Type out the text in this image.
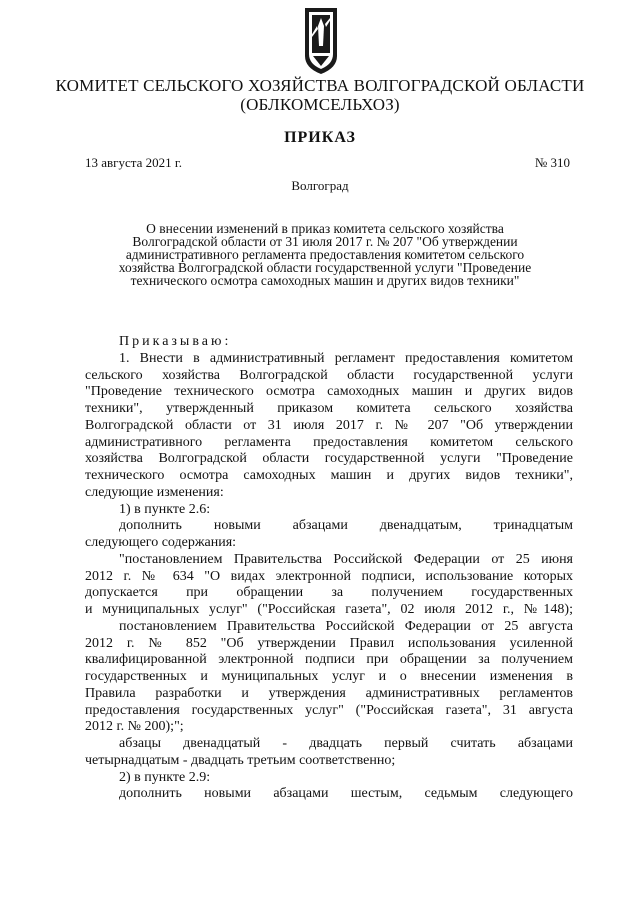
КОМИТЕТ СЕЛЬСКОГО ХОЗЯЙСТВА ВОЛГОГРАДСКОЙ ОБЛАСТИ
(ОБЛКОМСЕЛЬХОЗ)
ПРИКАЗ
13 августа 2021 г.	№ 310
Волгоград
О внесении изменений в приказ комитета сельского хозяйства
Волгоградской области от 31 июля 2017 г. № 207 "Об утверждении
административного регламента предоставления комитетом сельского
хозяйства Волгоградской области государственной услуги "Проведение
технического осмотра самоходных машин и других видов техники"
Приказываю:
1. Внести в административный регламент предоставления комитетом
сельского хозяйства Волгоградской области государственной услуги
"Проведение технического осмотра самоходных машин и других видов
техники", утвержденный приказом комитета сельского хозяйства
Волгоградской области от 31 июля 2017 г. № 207 "Об утверждении
административного регламента предоставления комитетом сельского
хозяйства Волгоградской области государственной услуги "Проведение
технического осмотра самоходных машин и других видов техники",
следующие изменения:
1) в пункте 2.6:
дополнить новыми абзацами двенадцатым, тринадцатым
следующего содержания:
"постановлением Правительства Российской Федерации от 25 июня
2012 г. № 634 "О видах электронной подписи, использование которых
допускается при обращении за получением государственных
и муниципальных услуг" ("Российская газета", 02 июля 2012 г., №148);
постановлением Правительства Российской Федерации от 25 августа
2012 г. № 852 "Об утверждении Правил использования усиленной
квалифицированной электронной подписи при обращении за получением
государственных и муниципальных услуг и о внесении изменения в
Правила разработки и утверждения административных регламентов
предоставления государственных услуг" ("Российская газета", 31 августа
2012 г. № 200);";
абзацы двенадцатый - двадцать первый считать абзацами
четырнадцатым - двадцать третьим соответственно;
2) в пункте 2.9:
дополнить новыми абзацами шестым, седьмым следующего
